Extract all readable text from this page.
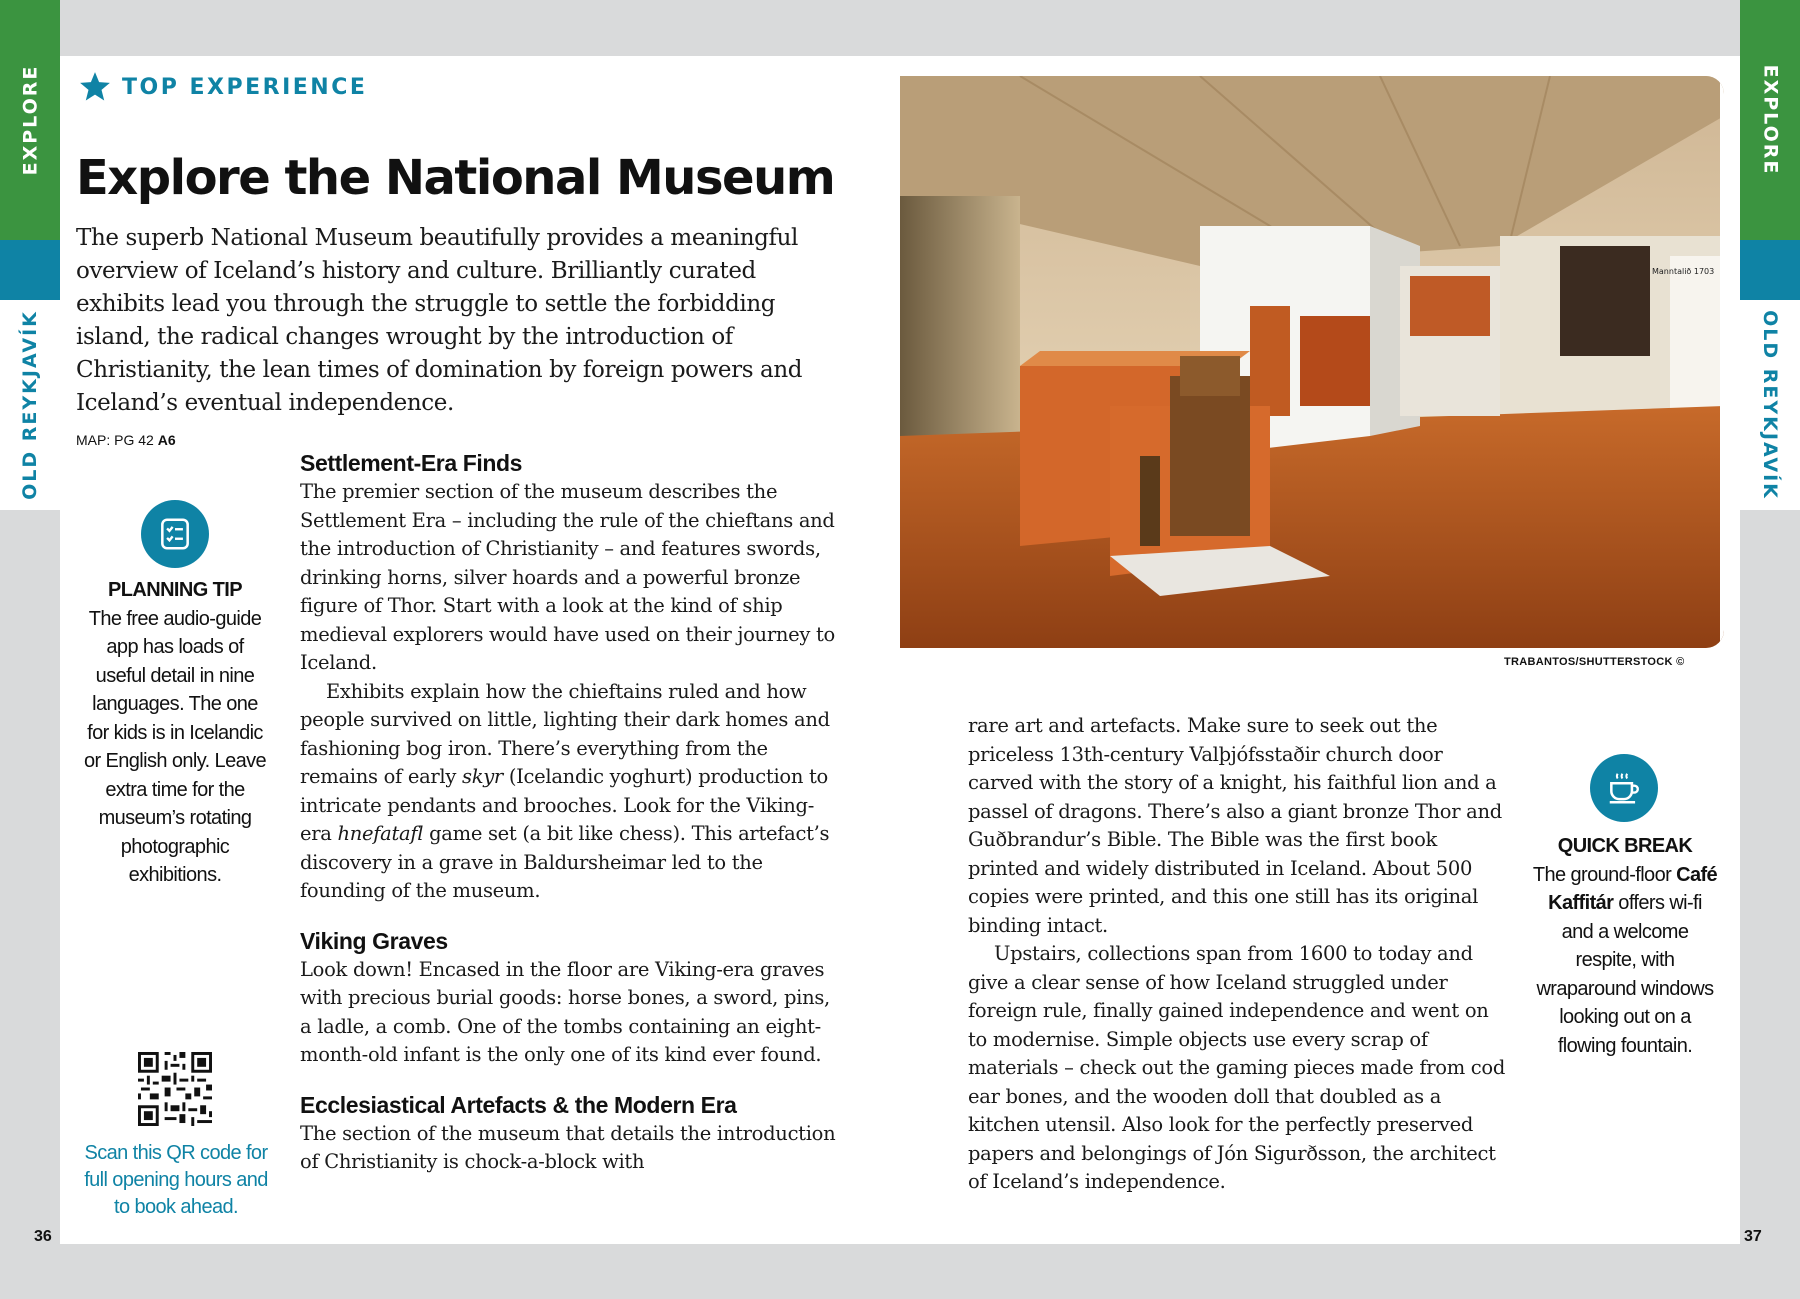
EXPLORE
OLD REYKJAVÍK
EXPLORE
OLD REYKJAVÍK
36	37
TOP EXPERIENCE
Explore the National Museum

The superb National Museum beautifully provides a meaningful overview of Iceland’s history and culture. Brilliantly curated exhibits lead you through the struggle to settle the forbidding island, the radical changes wrought by the introduction of Christianity, the lean times of domination by foreign powers and Iceland’s eventual independence.

MAP: PG 42 A6
PLANNING TIP
The free audio-guide app has loads of useful detail in nine languages. The one for kids is in Icelandic or English only. Leave extra time for the museum’s rotating photographic exhibitions.
Scan this QR code for full opening hours and to book ahead.
Settlement-Era Finds

The premier section of the museum describes the Settlement Era – including the rule of the chieftans and the introduction of Christianity – and features swords, drinking horns, silver hoards and a powerful bronze figure of Thor. Start with a look at the kind of ship medieval explorers would have used on their journey to Iceland.

Exhibits explain how the chieftains ruled and how people survived on little, lighting their dark homes and fashioning bog iron. There’s everything from the remains of early skyr (Icelandic yoghurt) production to intricate pendants and brooches. Look for the Viking-era hnefatafl game set (a bit like chess). This artefact’s discovery in a grave in Baldursheimar led to the founding of the museum.

Viking Graves

Look down! Encased in the floor are Viking-era graves with precious burial goods: horse bones, a sword, pins, a ladle, a comb. One of the tombs containing an eight-month-old infant is the only one of its kind ever found.

Ecclesiastical Artefacts & the Modern Era

The section of the museum that details the introduction of Christianity is chock-a-block with

rare art and artefacts. Make sure to seek out the priceless 13th-century Valþjófsstaðir church door carved with the story of a knight, his faithful lion and a passel of dragons. There’s also a giant bronze Thor and Guðbrandur’s Bible. The Bible was the first book printed and widely distributed in Iceland. About 500 copies were printed, and this one still has its original binding intact.

Upstairs, collections span from 1600 to today and give a clear sense of how Iceland struggled under foreign rule, finally gained independence and went on to modernise. Simple objects use every scrap of materials – check out the gaming pieces made from cod ear bones, and the wooden doll that doubled as a kitchen utensil. Also look for the perfectly preserved papers and belongings of Jón Sigurðsson, the architect of Iceland’s independence.

QUICK BREAK
The ground-floor Café Kaffitár offers wi-fi and a welcome respite, with wraparound windows looking out on a flowing fountain.
Manntalið 1703
TRABANTOS/SHUTTERSTOCK ©
